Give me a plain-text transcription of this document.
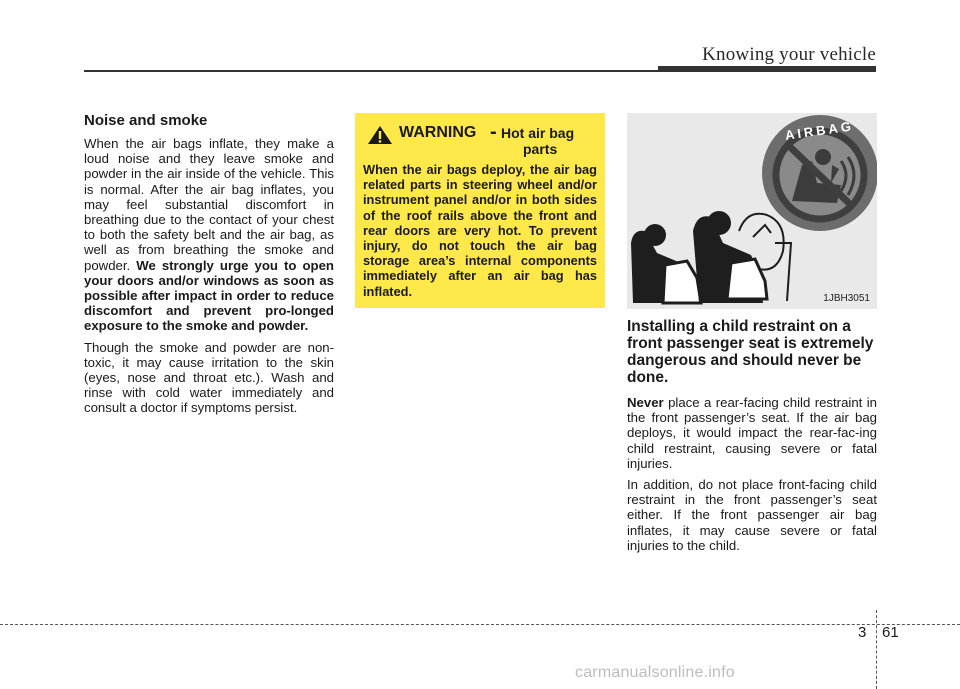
Knowing your vehicle
Noise and smoke

When the air bags inflate, they make a loud noise and they leave smoke and powder in the air inside of the vehicle. This is normal. After the air bag inflates, you may feel substantial discomfort in breathing due to the contact of your chest to both the safety belt and the air bag, as well as from breathing the smoke and powder. We strongly urge you to open your doors and/or windows as soon as possible after impact in order to reduce discomfort and prevent pro-longed exposure to the smoke and powder.

Though the smoke and powder are non-toxic, it may cause irritation to the skin (eyes, nose and throat etc.). Wash and rinse with cold water immediately and consult a doctor if symptoms persist.

WARNING - Hot air bag
parts
When the air bags deploy, the air bag related parts in steering wheel and/or instrument panel and/or in both sides of the roof rails above the front and rear doors are very hot. To prevent injury, do not touch the air bag storage area’s internal components immediately after an air bag has inflated.
AIRBAG
1JBH3051
Installing a child restraint on a front passenger seat is extremely dangerous and should never be done.

Never place a rear-facing child restraint in the front passenger’s seat. If the air bag deploys, it would impact the rear-fac-ing child restraint, causing severe or fatal injuries.

In addition, do not place front-facing child restraint in the front passenger’s seat either. If the front passenger air bag inflates, it may cause severe or fatal injuries to the child.

3 61
carmanualsonline.info
